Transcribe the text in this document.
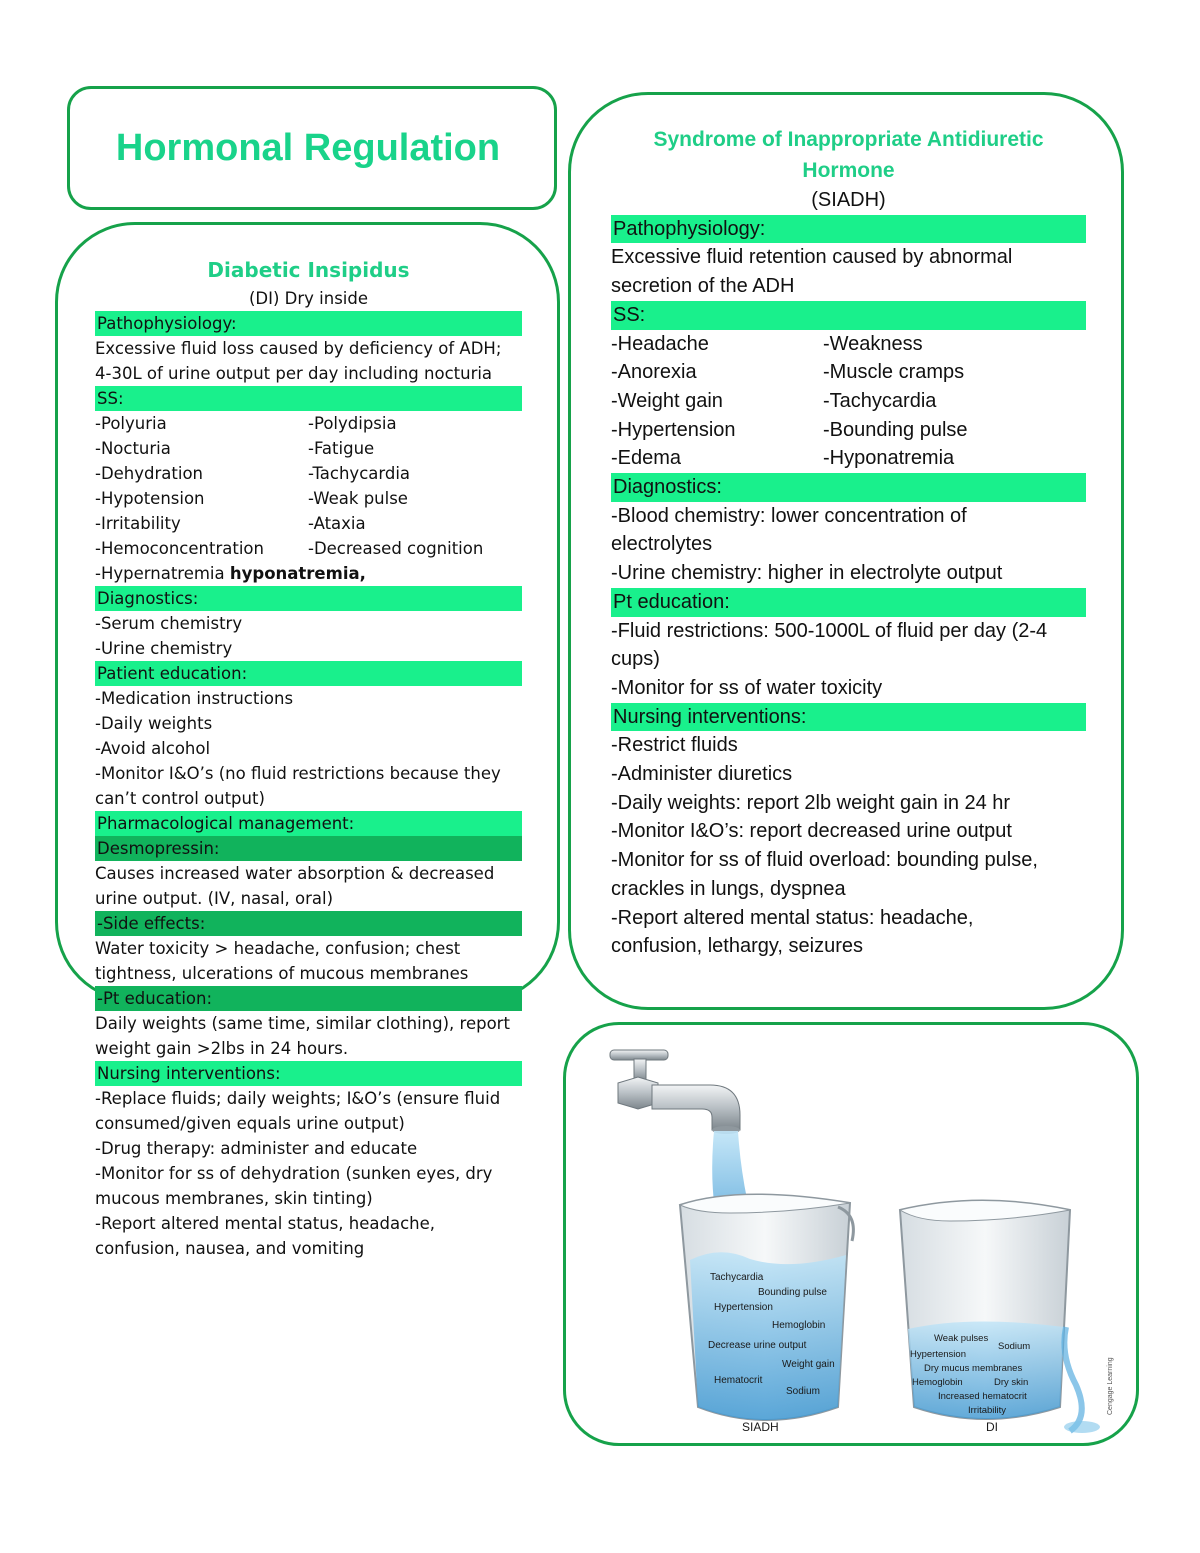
Hormonal Regulation
Diabetic Insipidus
(DI) Dry inside
Pathophysiology:
Excessive fluid loss caused by deficiency of ADH;
4-30L of urine output per day including nocturia
SS:
-Polyuria
-Nocturia
-Dehydration
-Hypotension
-Irritability
-Hemoconcentration
-Polydipsia
-Fatigue
-Tachycardia
-Weak pulse
-Ataxia
-Decreased cognition
-Hypernatremia hyponatremia,
Diagnostics:
-Serum chemistry
-Urine chemistry
Patient education:
-Medication instructions
-Daily weights
-Avoid alcohol
-Monitor I&O’s (no fluid restrictions because they
can’t control output)
Pharmacological management:
Desmopressin:
Causes increased water absorption & decreased
urine output. (IV, nasal, oral)
-Side effects:
Water toxicity > headache, confusion; chest
tightness, ulcerations of mucous membranes
-Pt education:
Daily weights (same time, similar clothing), report
weight gain >2lbs in 24 hours.
Nursing interventions:
-Replace fluids; daily weights; I&O’s (ensure fluid
consumed/given equals urine output)
-Drug therapy: administer and educate
-Monitor for ss of dehydration (sunken eyes, dry
mucous membranes, skin tinting)
-Report altered mental status, headache,
confusion, nausea, and vomiting
Syndrome of Inappropriate Antidiuretic
Hormone
(SIADH)
Pathophysiology:
Excessive fluid retention caused by abnormal
secretion of the ADH
SS:
-Headache
-Anorexia
-Weight gain
-Hypertension
-Edema
-Weakness
-Muscle cramps
-Tachycardia
-Bounding pulse
-Hyponatremia
Diagnostics:
-Blood chemistry: lower concentration of
electrolytes
-Urine chemistry: higher in electrolyte output
Pt education:
-Fluid restrictions: 500-1000L of fluid per day (2-4
cups)
-Monitor for ss of water toxicity
Nursing interventions:
-Restrict fluids
-Administer diuretics
-Daily weights: report 2lb weight gain in 24 hr
-Monitor I&O’s: report decreased urine output
-Monitor for ss of fluid overload: bounding pulse,
crackles in lungs, dyspnea
-Report altered mental status: headache,
confusion, lethargy, seizures
Tachycardia
Bounding pulse
Hypertension
Hemoglobin
Decrease urine output
Weight gain
Hematocrit
Sodium
Weak pulses
Sodium
Hypertension
Dry mucus membranes
Hemoglobin	Dry skin
Increased hematocrit
Irritability
SIADH	DI
Cengage Learning
